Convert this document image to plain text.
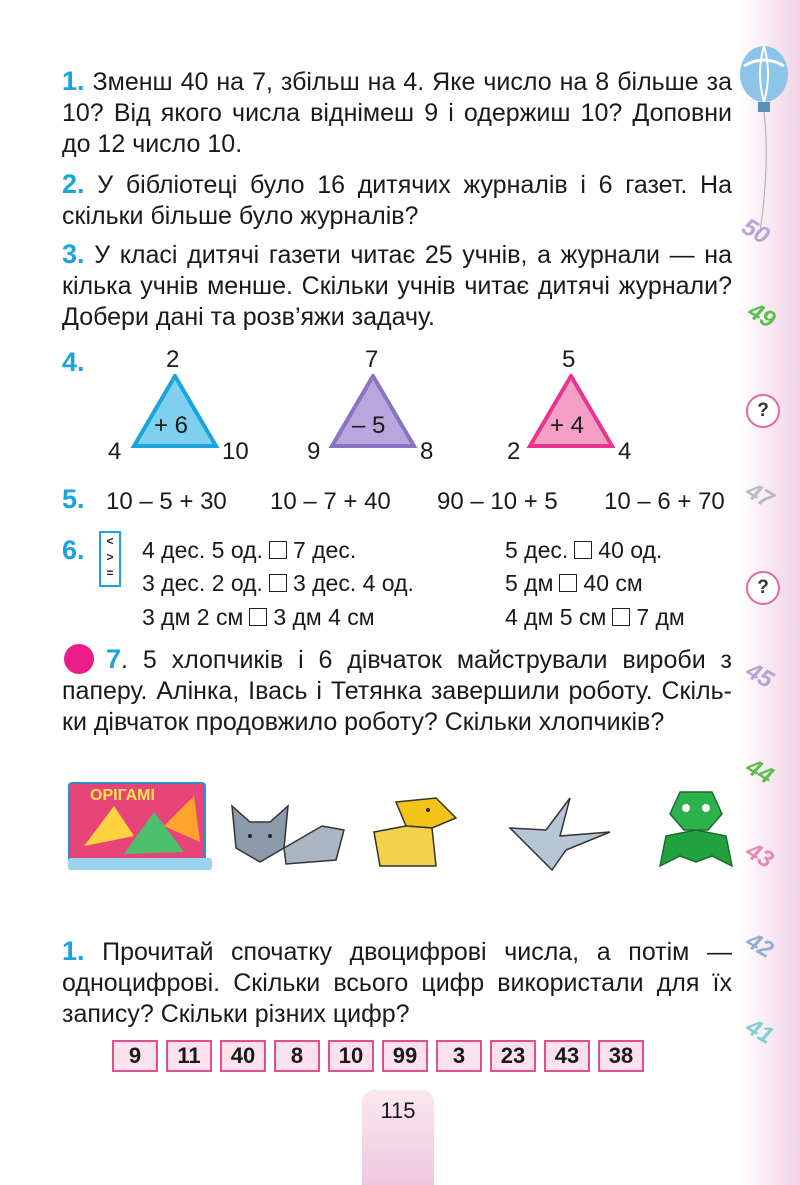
50
49
?
47
?
45
44
43
42
41
1. Зменш 40 на 7, збільш на 4. Яке число на 8 більше за 10? Від якого числа віднімеш 9 і одержиш 10? Доповни до 12 число 10.
2. У бібліотеці було 16 дитячих журналів і 6 газет. На скільки більше було журналів?
3. У класі дитячі газети читає 25 учнів, а журнали — на кілька учнів менше. Скільки учнів читає дитячі журнали? Добери дані та розв’яжи задачу.
4.	2
4	10
+ 6
7
9	8
– 5
5
2	4
+ 4
5. 10 – 5 + 30 10 – 7 + 40 90 – 10 + 5 10 – 6 + 70
6.	<
>
=
4 дес. 5 од. 7 дес.	5 дес. 40 од.
3 дес. 2 од. 3 дес. 4 од.	5 дм 40 см
3 дм 2 см 3 дм 4 см	4 дм 5 см 7 дм
7. 5 хлопчиків і 6 дівчаток майстрували вироби з паперу. Алінка, Івась і Тетянка завершили роботу. Скіль-ки дівчаток продовжило роботу? Скільки хлопчиків?
ОРІГАМІ
1. Прочитай спочатку двоцифрові числа, а потім — одноцифрові. Скільки всього цифр використали для їх запису? Скільки різних цифр?
9 11 40 8 10 99 3 23 43 38
115
